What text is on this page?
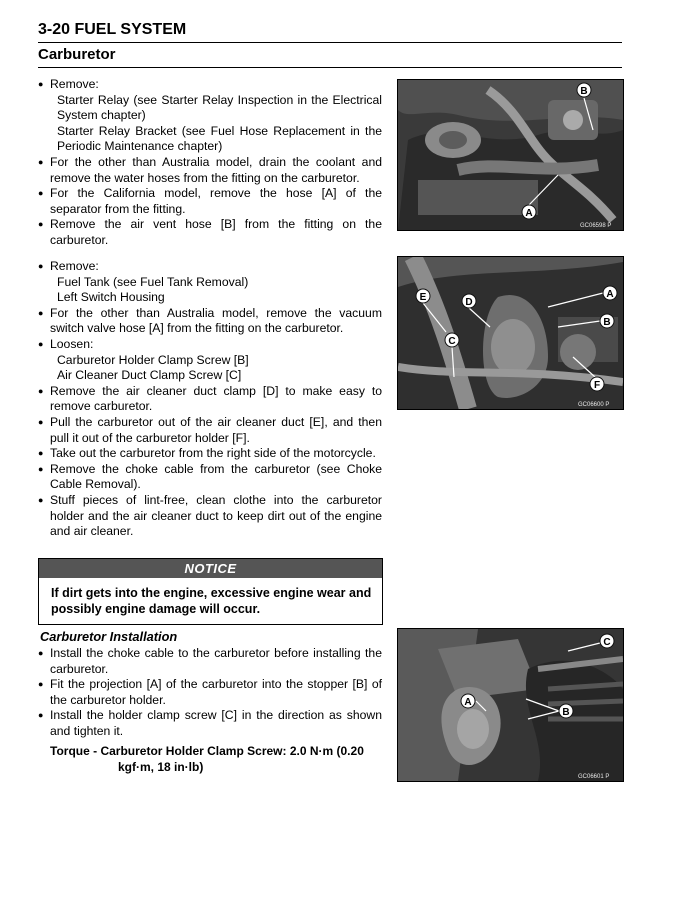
3-20 FUEL SYSTEM
Carburetor
● Remove:
Starter Relay (see Starter Relay Inspection in the Electrical System chapter)
Starter Relay Bracket (see Fuel Hose Replacement in the Periodic Maintenance chapter)
● For the other than Australia model, drain the coolant and remove the water hoses from the fitting on the carburetor.
● For the California model, remove the hose [A] of the separator from the fitting.
● Remove the air vent hose [B] from the fitting on the carburetor.
● Remove:
Fuel Tank (see Fuel Tank Removal)
Left Switch Housing
● For the other than Australia model, remove the vacuum switch valve hose [A] from the fitting on the carburetor.
● Loosen:
Carburetor Holder Clamp Screw [B]
Air Cleaner Duct Clamp Screw [C]
● Remove the air cleaner duct clamp [D] to make easy to remove carburetor.
● Pull the carburetor out of the air cleaner duct [E], and then pull it out of the carburetor holder [F].
● Take out the carburetor from the right side of the motorcycle.
● Remove the choke cable from the carburetor (see Choke Cable Removal).
● Stuff pieces of lint-free, clean clothe into the carburetor holder and the air cleaner duct to keep dirt out of the engine and air cleaner.
NOTICE
If dirt gets into the engine, excessive engine wear and possibly engine damage will occur.
Carburetor Installation
● Install the choke cable to the carburetor before installing the carburetor.
● Fit the projection [A] of the carburetor into the stopper [B] of the carburetor holder.
● Install the holder clamp screw [C] in the direction as shown and tighten it.
Torque - Carburetor Holder Clamp Screw: 2.0 N·m (0.20
kgf·m, 18 in·lb)
B
A
GC06598 P
E	D
C
A
B
F
GC06600 P
C
A
B
GC06601 P
